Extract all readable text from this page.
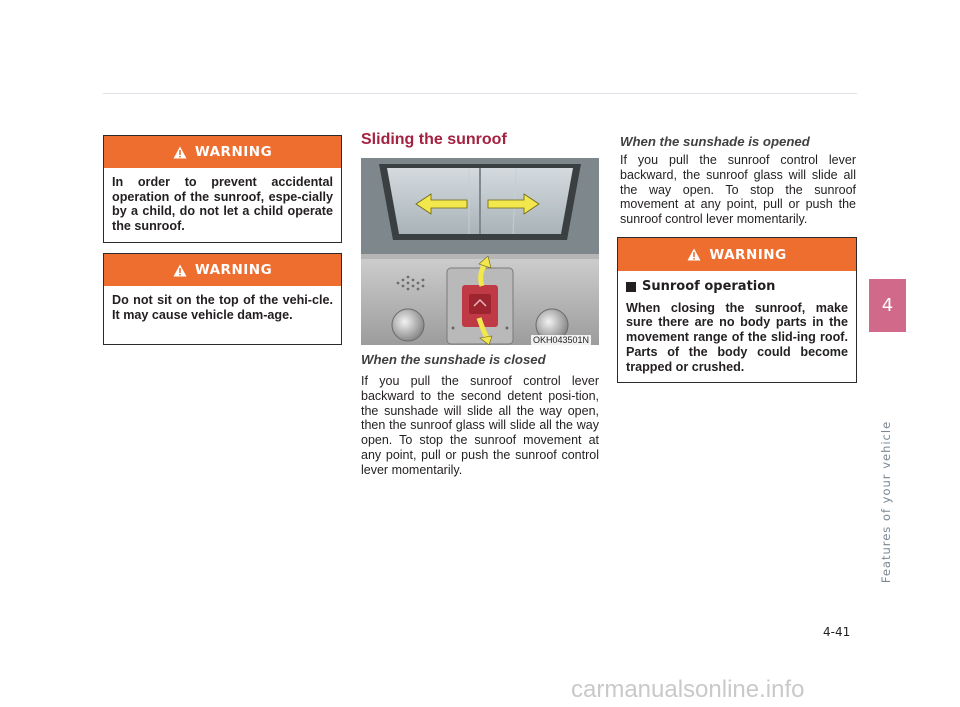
WARNING
In order to prevent accidental operation of the sunroof, espe-cially by a child, do not let a child operate the sunroof.
WARNING
Do not sit on the top of the vehi-cle. It may cause vehicle dam-age.
Sliding the sunroof
OKH043501N
When the sunshade is closed
If you pull the sunroof control lever backward to the second detent posi-tion, the sunshade will slide all the way open, then the sunroof glass will slide all the way open. To stop the sunroof movement at any point, pull or push the sunroof control lever momentarily.
When the sunshade is opened
If you pull the sunroof control lever backward, the sunroof glass will slide all the way open. To stop the sunroof movement at any point, pull or push the sunroof control lever momentarily.
WARNING
Sunroof operation
When closing the sunroof, make sure there are no body parts in the movement range of the slid-ing roof. Parts of the body could become trapped or crushed.
4
Features of your vehicle
4-41
carmanualsonline.info
